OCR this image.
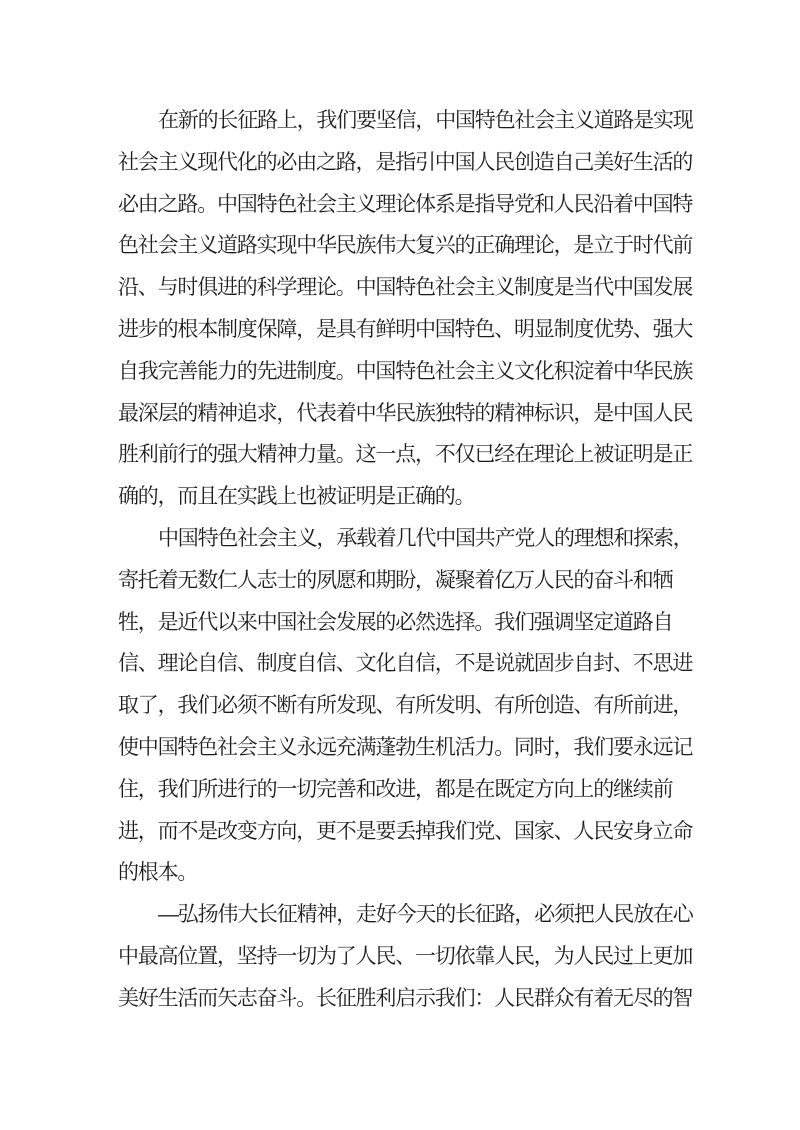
在新的长征路上，我们要坚信，中国特色社会主义道路是实现
社会主义现代化的必由之路，是指引中国人民创造自己美好生活的
必由之路。中国特色社会主义理论体系是指导党和人民沿着中国特
色社会主义道路实现中华民族伟大复兴的正确理论，是立于时代前
沿、与时俱进的科学理论。中国特色社会主义制度是当代中国发展
进步的根本制度保障，是具有鲜明中国特色、明显制度优势、强大
自我完善能力的先进制度。中国特色社会主义文化积淀着中华民族
最深层的精神追求，代表着中华民族独特的精神标识，是中国人民
胜利前行的强大精神力量。这一点，不仅已经在理论上被证明是正
确的，而且在实践上也被证明是正确的。
中国特色社会主义，承载着几代中国共产党人的理想和探索，
寄托着无数仁人志士的夙愿和期盼，凝聚着亿万人民的奋斗和牺
牲，是近代以来中国社会发展的必然选择。我们强调坚定道路自
信、理论自信、制度自信、文化自信，不是说就固步自封、不思进
取了，我们必须不断有所发现、有所发明、有所创造、有所前进，
使中国特色社会主义永远充满蓬勃生机活力。同时，我们要永远记
住，我们所进行的一切完善和改进，都是在既定方向上的继续前
进，而不是改变方向，更不是要丢掉我们党、国家、人民安身立命
的根本。
—弘扬伟大长征精神，走好今天的长征路，必须把人民放在心
中最高位置，坚持一切为了人民、一切依靠人民，为人民过上更加
美好生活而矢志奋斗。长征胜利启示我们：人民群众有着无尽的智
